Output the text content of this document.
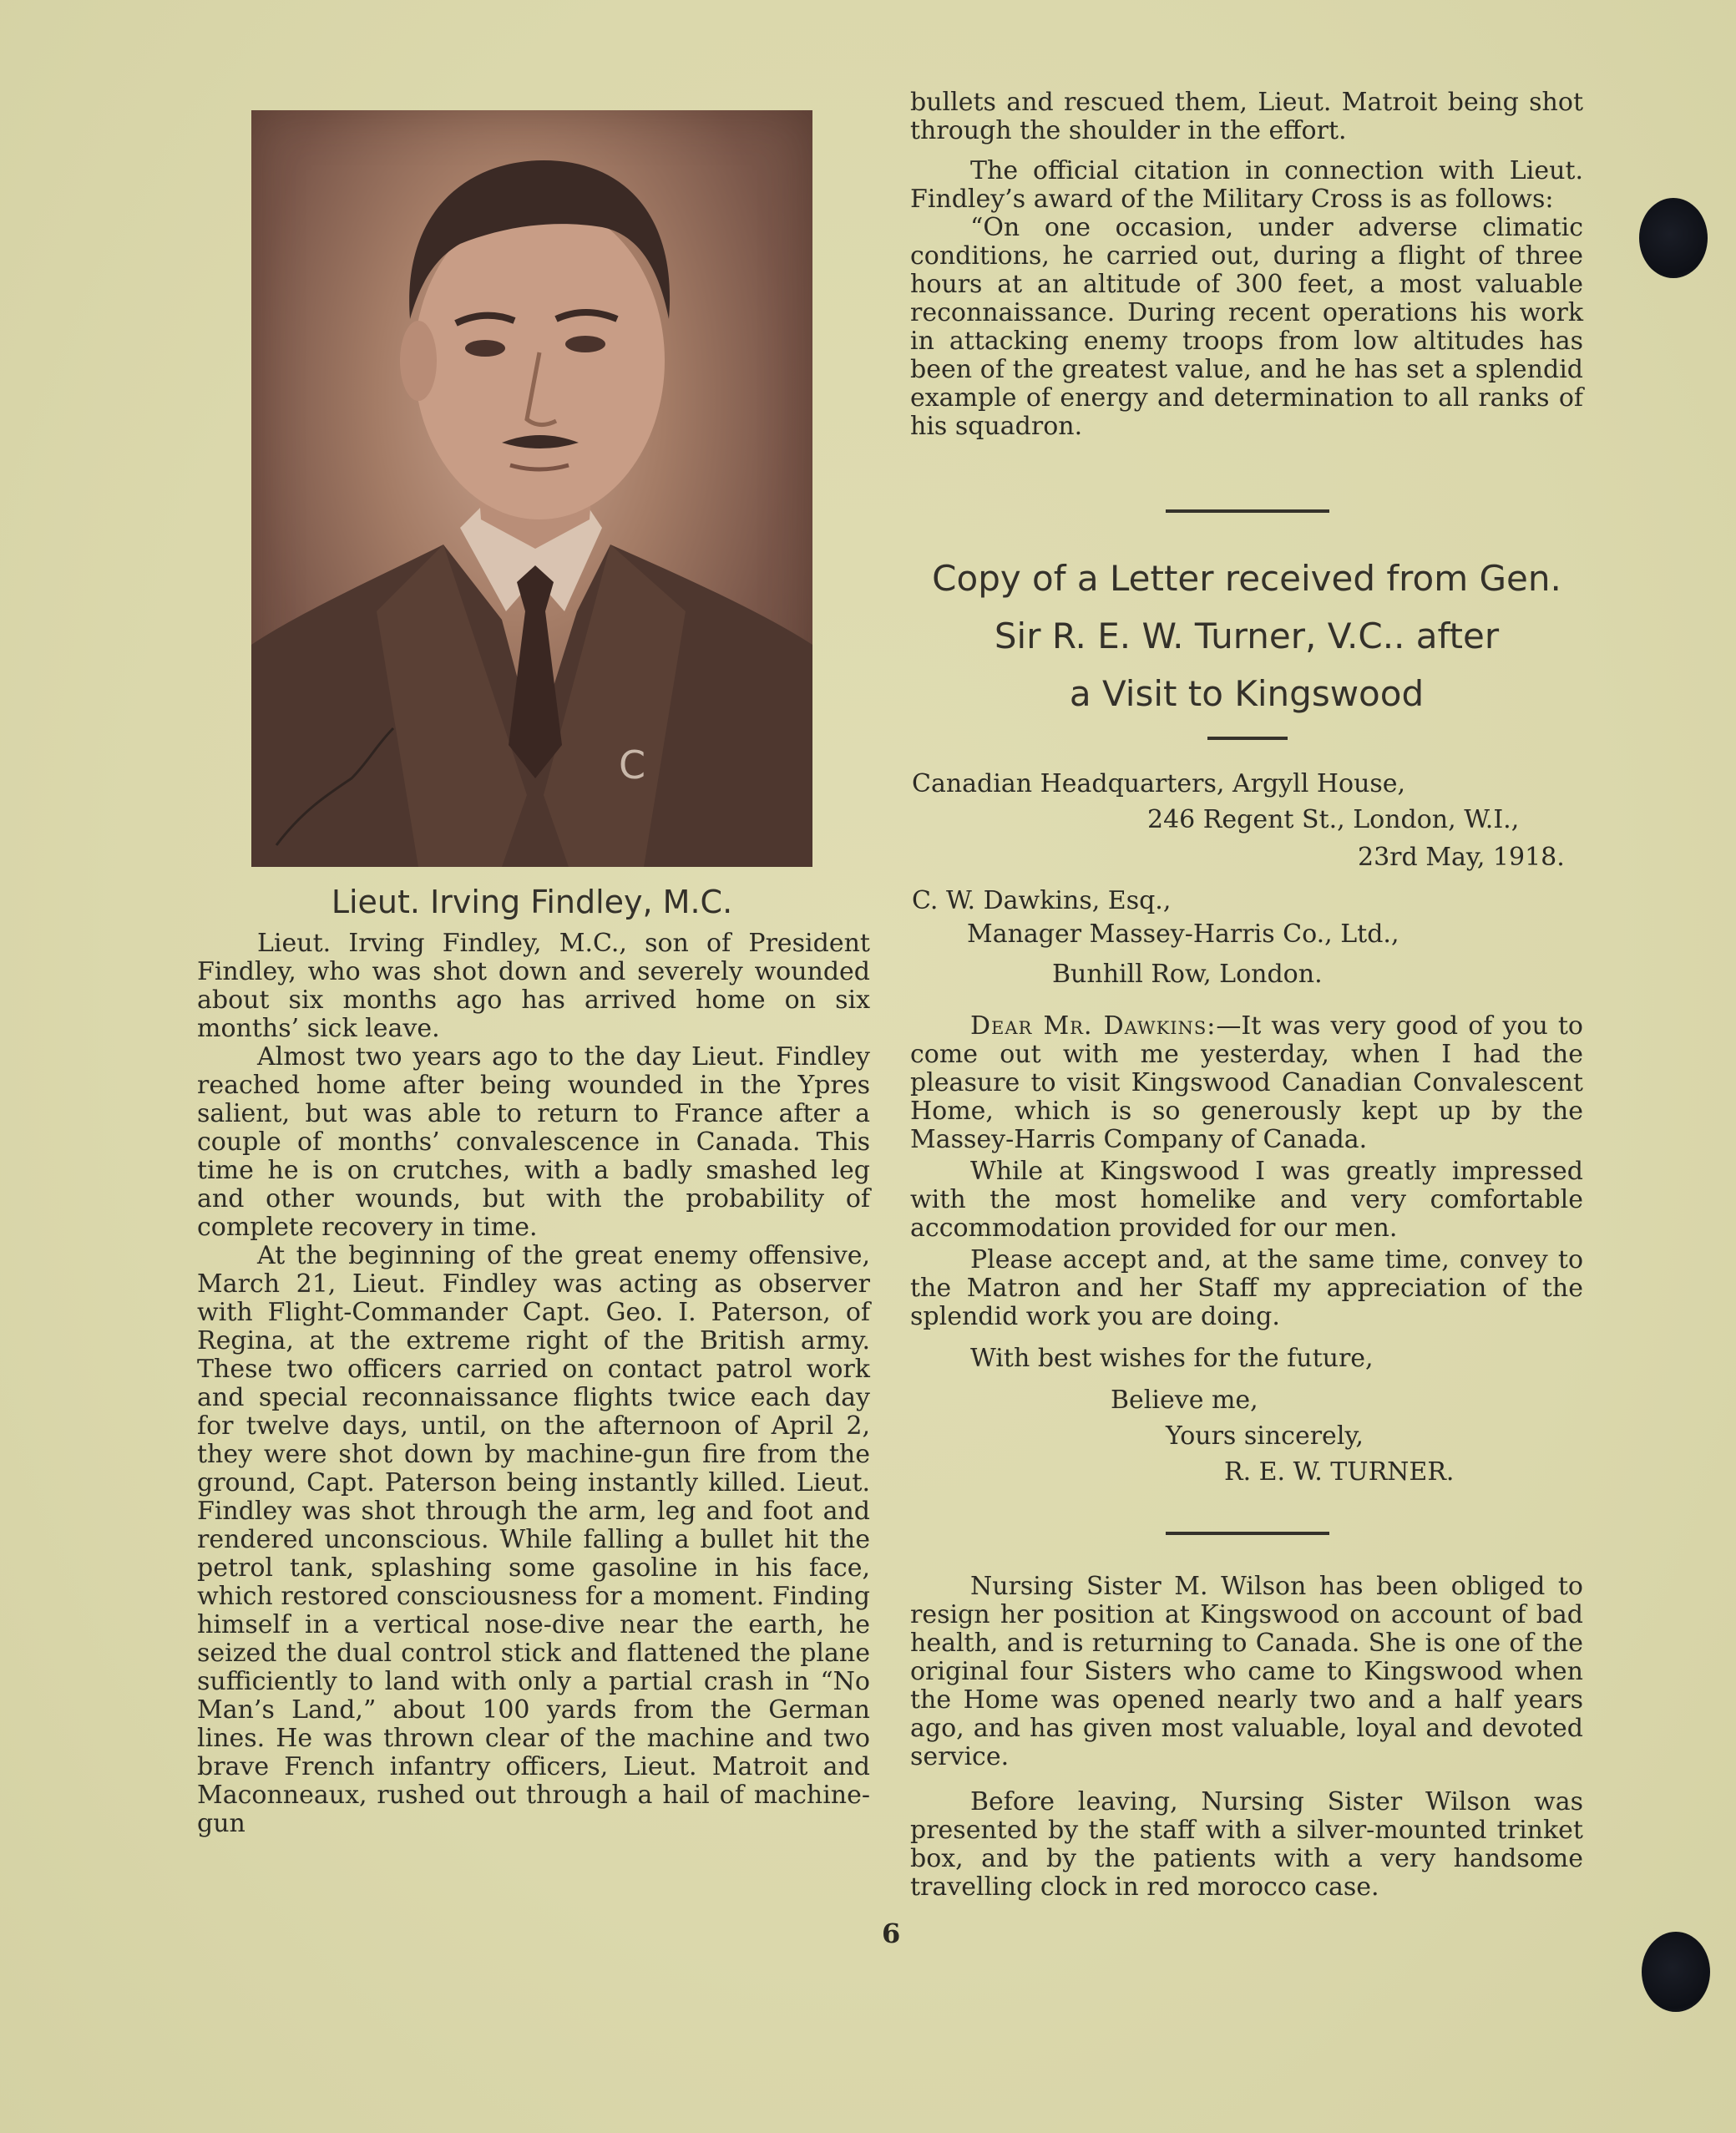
C
Lieut. Irving Findley, M.C.

Lieut. Irving Findley, M.C., son of President Findley, who was shot down and severely wounded about six months ago has arrived home on six months’ sick leave.

Almost two years ago to the day Lieut. Findley reached home after being wounded in the Ypres salient, but was able to return to France after a couple of months’ convalescence in Canada. This time he is on crutches, with a badly smashed leg and other wounds, but with the probability of complete recovery in time.

At the beginning of the great enemy offensive, March 21, Lieut. Findley was acting as observer with Flight-Commander Capt. Geo. I. Paterson, of Regina, at the extreme right of the British army. These two officers carried on contact patrol work and special reconnaissance flights twice each day for twelve days, until, on the afternoon of April 2, they were shot down by machine-gun fire from the ground, Capt. Paterson being instantly killed. Lieut. Findley was shot through the arm, leg and foot and rendered unconscious. While falling a bullet hit the petrol tank, splashing some gasoline in his face, which restored consciousness for a moment. Finding himself in a vertical nose-dive near the earth, he seized the dual control stick and flattened the plane sufficiently to land with only a partial crash in “No Man’s Land,” about 100 yards from the German lines. He was thrown clear of the machine and two brave French infantry officers, Lieut. Matroit and Maconneaux, rushed out through a hail of machine-gun

bullets and rescued them, Lieut. Matroit being shot through the shoulder in the effort.

The official citation in connection with Lieut. Findley’s award of the Military Cross is as follows:

“On one occasion, under adverse climatic conditions, he carried out, during a flight of three hours at an altitude of 300 feet, a most valuable reconnaissance. During recent operations his work in attacking enemy troops from low altitudes has been of the greatest value, and he has set a splendid example of energy and determination to all ranks of his squadron.

Copy of a Letter received from Gen.
Sir R. E. W. Turner, V.C.. after
a Visit to Kingswood
Canadian Headquarters, Argyll House,
246 Regent St., London, W.I.,
23rd May, 1918.
C. W. Dawkins, Esq.,
Manager Massey-Harris Co., Ltd.,
Bunhill Row, London.

Dear Mr. Dawkins:—It was very good of you to come out with me yesterday, when I had the pleasure to visit Kingswood Canadian Convalescent Home, which is so generously kept up by the Massey-Harris Company of Canada.

While at Kingswood I was greatly impressed with the most homelike and very comfortable accommodation provided for our men.

Please accept and, at the same time, convey to the Matron and her Staff my appreciation of the splendid work you are doing.

With best wishes for the future,
Believe me,
Yours sincerely,
R. E. W. TURNER.

Nursing Sister M. Wilson has been obliged to resign her position at Kingswood on account of bad health, and is returning to Canada. She is one of the original four Sisters who came to Kingswood when the Home was opened nearly two and a half years ago, and has given most valuable, loyal and devoted service.

Before leaving, Nursing Sister Wilson was presented by the staff with a silver-mounted trinket box, and by the patients with a very handsome travelling clock in red morocco case.

6
